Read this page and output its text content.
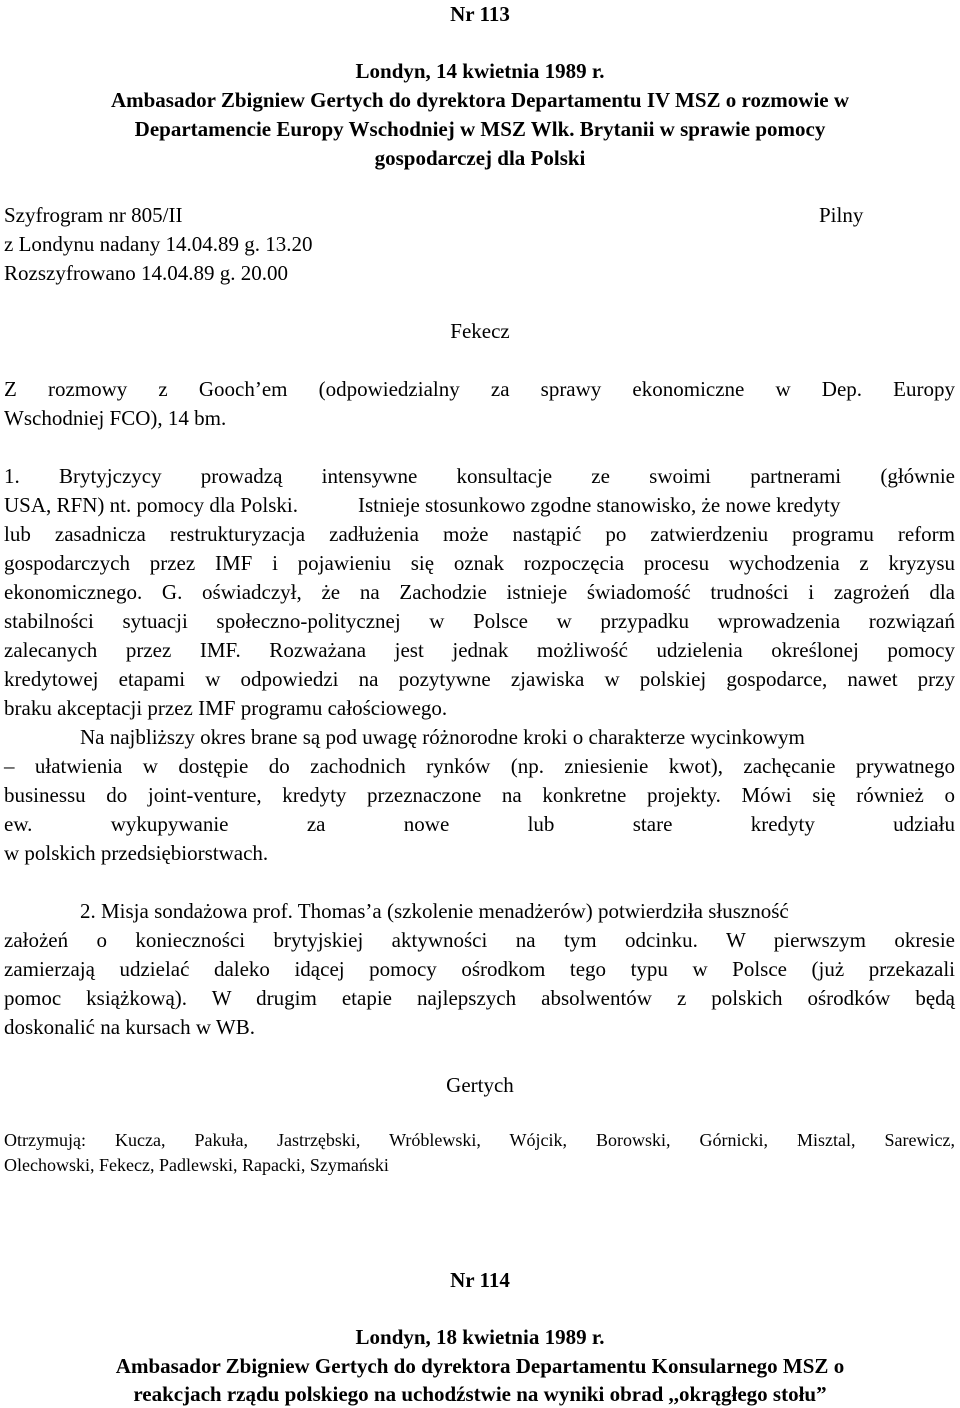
Nr 113
Londyn, 14 kwietnia 1989 r.
Ambasador Zbigniew Gertych do dyrektora Departamentu IV MSZ o rozmowie w
Departamencie Europy Wschodniej w MSZ Wlk. Brytanii w sprawie pomocy
gospodarczej dla Polski
Szyfrogram nr 805/II	Pilny
z Londynu nadany 14.04.89 g. 13.20
Rozszyfrowano 14.04.89 g. 20.00
Fekecz
Z rozmowy z Gooch’em (odpowiedzialny za sprawy ekonomiczne w Dep. Europy
Wschodniej FCO), 14 bm.
1. Brytyjczycy prowadzą intensywne konsultacje ze swoimi partnerami (głównie
USA, RFN) nt. pomocy dla Polski.	Istnieje stosunkowo zgodne stanowisko, że nowe kredyty
lub zasadnicza restrukturyzacja zadłużenia może nastąpić po zatwierdzeniu programu reform
gospodarczych przez IMF i pojawieniu się oznak rozpoczęcia procesu wychodzenia z kryzysu
ekonomicznego. G. oświadczył, że na Zachodzie istnieje świadomość trudności i zagrożeń dla
stabilności sytuacji społeczno-politycznej w Polsce w przypadku wprowadzenia rozwiązań
zalecanych przez IMF. Rozważana jest jednak możliwość udzielenia określonej pomocy
kredytowej etapami w odpowiedzi na pozytywne zjawiska w polskiej gospodarce, nawet przy
braku akceptacji przez IMF programu całościowego.
Na najbliższy okres brane są pod uwagę różnorodne kroki o charakterze wycinkowym
– ułatwienia w dostępie do zachodnich rynków (np. zniesienie kwot), zachęcanie prywatnego
businessu do joint-venture, kredyty przeznaczone na konkretne projekty. Mówi się również o
ew. wykupywanie za nowe lub stare kredyty udziału
w polskich przedsiębiorstwach.
2. Misja sondażowa prof. Thomas’a (szkolenie menadżerów) potwierdziła słuszność
założeń o konieczności brytyjskiej aktywności na tym odcinku. W pierwszym okresie
zamierzają udzielać daleko idącej pomocy ośrodkom tego typu w Polsce (już przekazali
pomoc książkową). W drugim etapie najlepszych absolwentów z polskich ośrodków będą
doskonalić na kursach w WB.
Gertych
Otrzymują: Kucza, Pakuła, Jastrzębski, Wróblewski, Wójcik, Borowski, Górnicki, Misztal, Sarewicz,
Olechowski, Fekecz, Padlewski, Rapacki, Szymański
Nr 114
Londyn, 18 kwietnia 1989 r.
Ambasador Zbigniew Gertych do dyrektora Departamentu Konsularnego MSZ o
reakcjach rządu polskiego na uchodźstwie na wyniki obrad ,,okrągłego stołu”
